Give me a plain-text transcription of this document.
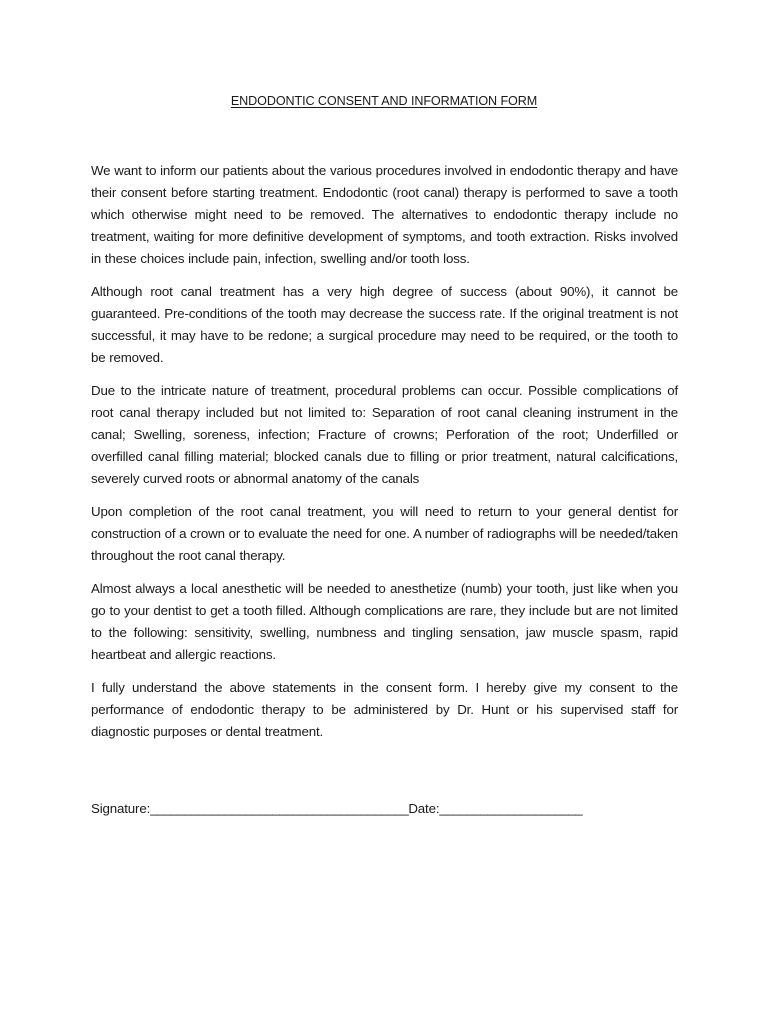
ENDODONTIC CONSENT AND INFORMATION FORM

We want to inform our patients about the various procedures involved in endodontic therapy and have their consent before starting treatment. Endodontic (root canal) therapy is performed to save a tooth which otherwise might need to be removed. The alternatives to endodontic therapy include no treatment, waiting for more definitive development of symptoms, and tooth extraction. Risks involved in these choices include pain, infection, swelling and/or tooth loss.

Although root canal treatment has a very high degree of success (about 90%), it cannot be guaranteed. Pre-conditions of the tooth may decrease the success rate. If the original treatment is not successful, it may have to be redone; a surgical procedure may need to be required, or the tooth to be removed.

Due to the intricate nature of treatment, procedural problems can occur. Possible complications of root canal therapy included but not limited to: Separation of root canal cleaning instrument in the canal; Swelling, soreness, infection; Fracture of crowns; Perforation of the root; Underfilled or overfilled canal filling material; blocked canals due to filling or prior treatment, natural calcifications, severely curved roots or abnormal anatomy of the canals

Upon completion of the root canal treatment, you will need to return to your general dentist for construction of a crown or to evaluate the need for one. A number of radiographs will be needed/taken throughout the root canal therapy.

Almost always a local anesthetic will be needed to anesthetize (numb) your tooth, just like when you go to your dentist to get a tooth filled. Although complications are rare, they include but are not limited to the following: sensitivity, swelling, numbness and tingling sensation, jaw muscle spasm, rapid heartbeat and allergic reactions.

I fully understand the above statements in the consent form. I hereby give my consent to the performance of endodontic therapy to be administered by Dr. Hunt or his supervised staff for diagnostic purposes or dental treatment.

Signature:______________________________________Date:_____________________
